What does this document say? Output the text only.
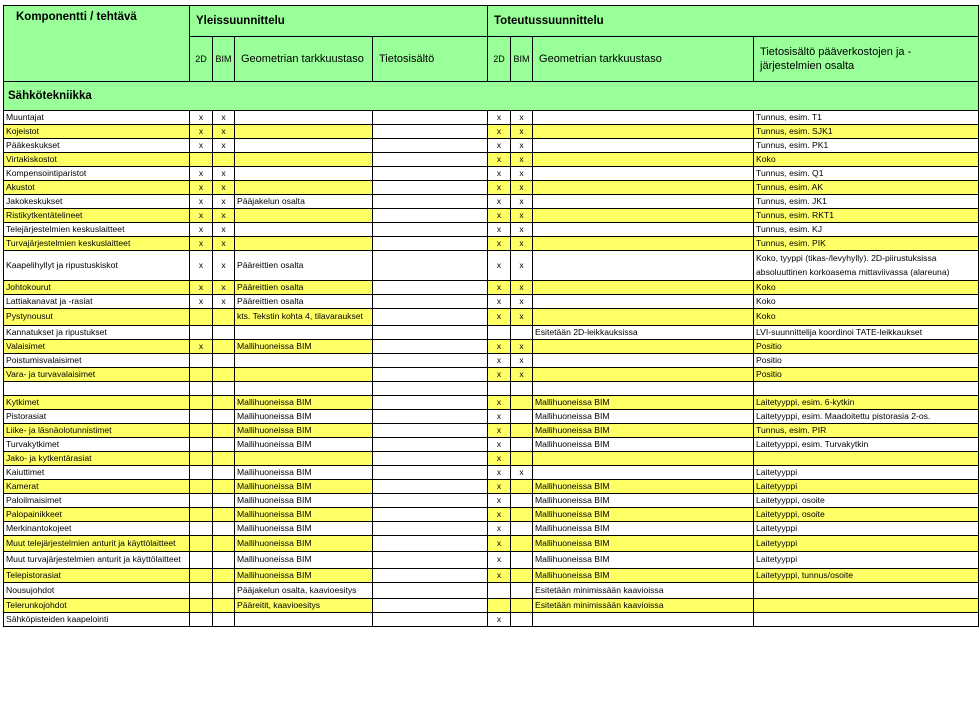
Komponentti / tehtävä	Yleissuunnittelu				Toteutussuunnittelu			
	2D	BIM	Geometrian tarkkuustaso	Tietosisältö	2D	BIM	Geometrian tarkkuustaso	Tietosisältö pääverkostojen ja -järjestelmien osalta
Sähkötekniikka								
Muuntajat	x	x			x	x		Tunnus, esim. T1
Kojeistot	x	x			x	x		Tunnus, esim. SJK1
Pääkeskukset	x	x			x	x		Tunnus, esim. PK1
Virtakiskostot					x	x		Koko
Kompensointiparistot	x	x			x	x		Tunnus, esim. Q1
Akustot	x	x			x	x		Tunnus, esim. AK
Jakokeskukset	x	x	Pääjakelun osalta		x	x		Tunnus, esim. JK1
Ristikytkentätelineet	x	x			x	x		Tunnus, esim. RKT1
Telejärjestelmien keskuslaitteet	x	x			x	x		Tunnus, esim. KJ
Turvajärjestelmien keskuslaitteet	x	x			x	x		Tunnus, esim. PIK
Kaapelihyllyt ja ripustuskiskot	x	x	Pääreittien osalta		x	x		Koko, tyyppi (tikas-/levyhylly). 2D-piirustuksissa absoluuttinen korkoasema mittaviivassa (alareuna)
Johtokourut	x	x	Pääreittien osalta		x	x		Koko
Lattiakanavat ja -rasiat	x	x	Pääreittien osalta		x	x		Koko
Pystynousut			kts. Tekstin kohta 4, tilavaraukset		x	x		Koko
Kannatukset ja ripustukset							Esitetään 2D-leikkauksissa	LVI-suunnittelija koordinoi TATE-leikkaukset
Valaisimet	x		Mallihuoneissa BIM		x	x		Positio
Poistumisvalaisimet					x	x		Positio
Vara- ja turvavalaisimet					x	x		Positio

Kytkimet			Mallihuoneissa BIM		x		Mallihuoneissa BIM	Laitetyyppi, esim. 6-kytkin
Pistorasiat			Mallihuoneissa BIM		x		Mallihuoneissa BIM	Laitetyyppi, esim. Maadoitettu pistorasia 2-os.
Liike- ja läsnäolotunnistimet			Mallihuoneissa BIM		x		Mallihuoneissa BIM	Tunnus, esim. PIR
Turvakytkimet			Mallihuoneissa BIM		x		Mallihuoneissa BIM	Laitetyyppi, esim. Turvakytkin
Jako- ja kytkentärasiat					x			
Kaiuttimet			Mallihuoneissa BIM		x	x		Laitetyyppi
Kamerat			Mallihuoneissa BIM		x		Mallihuoneissa BIM	Laitetyyppi
Paloilmaisimet			Mallihuoneissa BIM		x		Mallihuoneissa BIM	Laitetyyppi, osoite
Palopainikkeet			Mallihuoneissa BIM		x		Mallihuoneissa BIM	Laitetyyppi, osoite
Merkinantokojeet			Mallihuoneissa BIM		x		Mallihuoneissa BIM	Laitetyyppi
Muut telejärjestelmien anturit ja käyttölaitteet			Mallihuoneissa BIM		x		Mallihuoneissa BIM	Laitetyyppi
Muut turvajärjestelmien anturit ja käyttölaitteet			Mallihuoneissa BIM		x		Mallihuoneissa BIM	Laitetyyppi
Telepistorasiat			Mallihuoneissa BIM		x		Mallihuoneissa BIM	Laitetyyppi, tunnus/osoite
Nousujohdot			Pääjakelun osalta, kaavioesitys				Esitetään minimissään kaavioissa	
Telerunkojohdot			Pääreitit, kaavioesitys				Esitetään minimissään kaavioissa	
Sähköpisteiden kaapelointi					x			
